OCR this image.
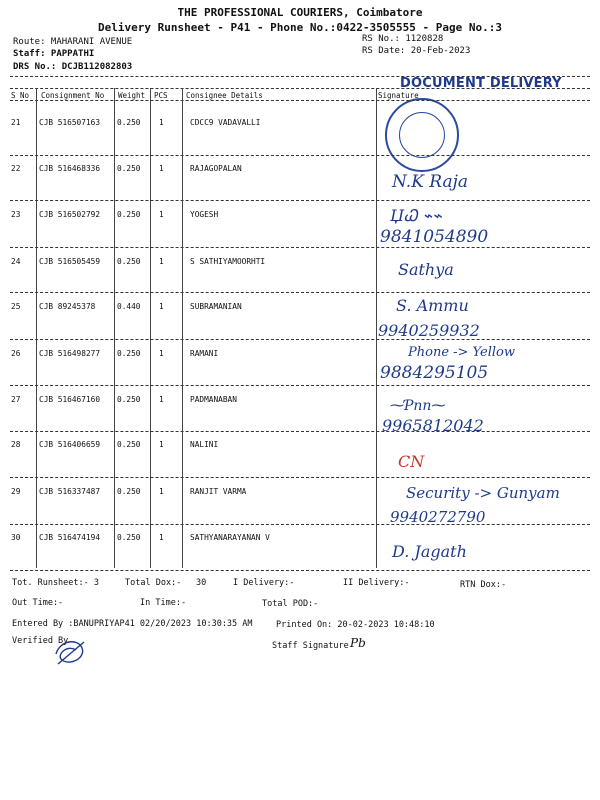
THE PROFESSIONAL COURIERS, Coimbatore
Delivery Runsheet - P41 - Phone No.:0422-3505555 - Page No.:3
Route: MAHARANI AVENUE
Staff: PAPPATHI
DRS No.: DCJB112082803
RS No.: 1120828
RS Date: 20-Feb-2023
DOCUMENT DELIVERY
S No Consignment No Weight PCS Consignee Details	Signature
21 CJB 516507163 0.250 1	CDCC9 VADAVALLI
22 CJB 516468336 0.250 1	RAJAGOPALAN
N.K Raja
23 CJB 516502792 0.250 1	YOGESH	ЏᏇ ⌁⌁
9841054890
24 CJB 516505459 0.250 1	S SATHIYAMOORHTI	Sathya
25 CJB 89245378	0.440 1	SUBRAMANIAN	S. Ammu
9940259932
26 CJB 516498277 0.250 1	RAMANI	Phone -> Yellow
9884295105
27 CJB 516467160 0.250 1	PADMANABAN	⁓Ƥnn⁓
9965812042
28 CJB 516406659 0.250 1	NALINI
CN
29 CJB 516337487 0.250 1	RANJIT VARMA	Security -> Gunyam
9940272790
30 CJB 516474194 0.250 1	SATHYANARAYANAN V
D. Jagath
Tot. Runsheet:- 3	Total Dox:- 30	I Delivery:-	II Delivery:-	RTN Dox:-
Out Time:-	In Time:-	Total POD:-
Entered By :BANUPRIYAP41 02/20/2023 10:30:35 AM	Printed On: 20-02-2023 10:48:10
Verified By	Staff Signature Pb
